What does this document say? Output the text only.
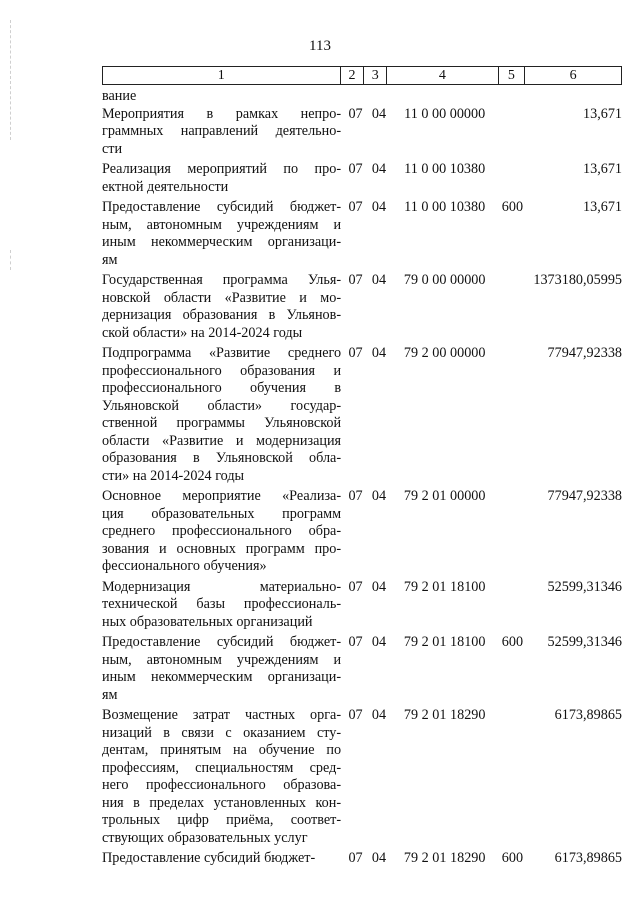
113
1	2	3	4	5	6
вание
Мероприятия в рамках непро-
граммных направлений деятельно-
сти
07 04	11 0 00 00000	13,671
Реализация мероприятий по про-
ектной деятельности
07 04	11 0 00 10380	13,671
Предоставление субсидий бюджет-
ным, автономным учреждениям и
иным некоммерческим организаци-
ям
07 04	11 0 00 10380	600	13,671
Государственная программа Улья-
новской области «Развитие и мо-
дернизация образования в Ульянов-
ской области» на 2014-2024 годы
07 04	79 0 00 00000	1373180,05995
Подпрограмма «Развитие среднего
профессионального образования и
профессионального обучения в
Ульяновской области» государ-
ственной программы Ульяновской
области «Развитие и модернизация
образования в Ульяновской обла-
сти» на 2014-2024 годы
07 04	79 2 00 00000	77947,92338
Основное мероприятие «Реализа-
ция образовательных программ
среднего профессионального обра-
зования и основных программ про-
фессионального обучения»
07 04	79 2 01 00000	77947,92338
Модернизация материально-
технической базы профессиональ-
ных образовательных организаций
07 04	79 2 01 18100	52599,31346
Предоставление субсидий бюджет-
ным, автономным учреждениям и
иным некоммерческим организаци-
ям
07 04	79 2 01 18100	600	52599,31346
Возмещение затрат частных орга-
низаций в связи с оказанием сту-
дентам, принятым на обучение по
профессиям, специальностям сред-
него профессионального образова-
ния в пределах установленных кон-
трольных цифр приёма, соответ-
ствующих образовательных услуг
07 04	79 2 01 18290	6173,89865
Предоставление субсидий бюджет-	07 04	79 2 01 18290	600	6173,89865
